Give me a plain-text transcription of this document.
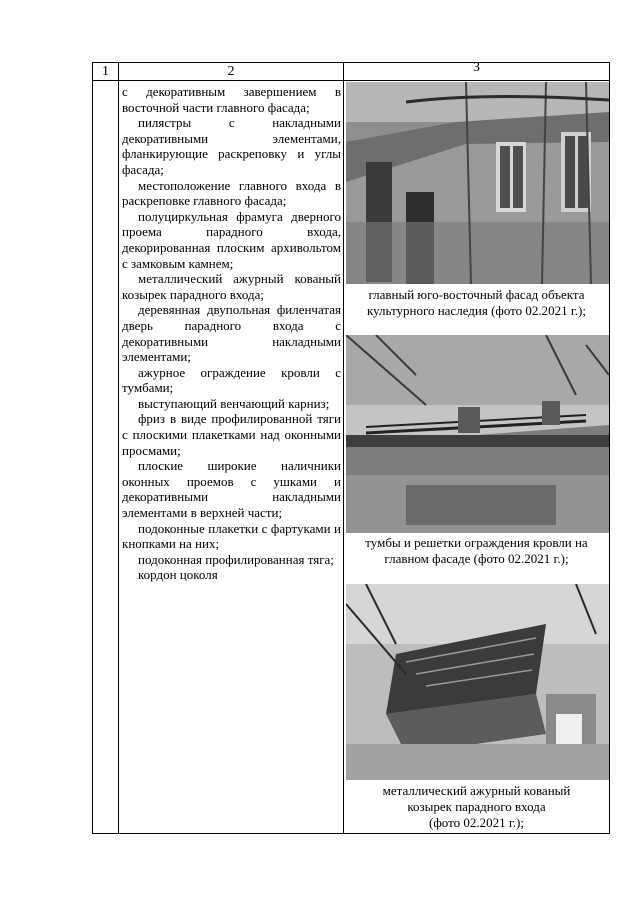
1	2	3

с декоративным завершением в восточной части главного фасада;

пилястры с накладными декоративными элементами, фланкирующие раскреповку и углы фасада;

местоположение главного входа в раскреповке главного фасада;

полуциркульная фрамуга дверного проема парадного входа, декорированная плоским архивольтом с замковым камнем;

металлический ажурный кованый козырек парадного входа;

деревянная двупольная филенчатая дверь парадного входа с декоративными накладными элементами;

ажурное ограждение кровли с тумбами;

выступающий венчающий карниз;

фриз в виде профилированной тяги с плоскими плакетками над оконными просмами;

плоские широкие наличники оконных проемов с ушками и декоративными накладными элементами в верхней части;

подоконные плакетки с фартуками и кнопками на них;

подоконная профилированная тяга;

кордон цоколя

главный юго-восточный фасад объекта
культурного наследия (фото 02.2021 г.);
тумбы и решетки ограждения кровли на
главном фасаде (фото 02.2021 г.);
металлический ажурный кованый
козырек парадного входа
(фото 02.2021 г.);
